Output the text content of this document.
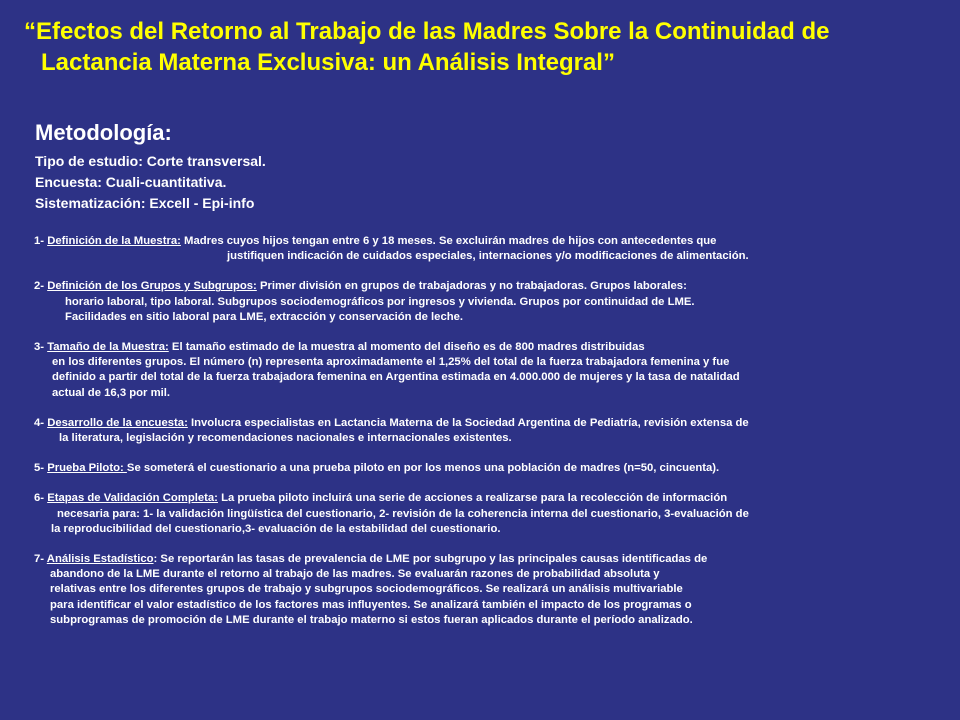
“Efectos del Retorno al Trabajo de las Madres Sobre la Continuidad de
Lactancia Materna Exclusiva: un Análisis Integral”
Metodología:
Tipo de estudio: Corte transversal.
Encuesta: Cuali-cuantitativa.
Sistematización: Excell - Epi-info
1- Definición de la Muestra: Madres cuyos hijos tengan entre 6 y 18 meses. Se excluirán madres de hijos con antecedentes que
justifiquen indicación de cuidados especiales, internaciones y/o modificaciones de alimentación.
2- Definición de los Grupos y Subgrupos: Primer división en grupos de trabajadoras y no trabajadoras. Grupos laborales:
horario laboral, tipo laboral. Subgrupos sociodemográficos por ingresos y vivienda. Grupos por continuidad de LME.
Facilidades en sitio laboral para LME, extracción y conservación de leche.
3- Tamaño de la Muestra: El tamaño estimado de la muestra al momento del diseño es de 800 madres distribuidas
en los diferentes grupos. El número (n) representa aproximadamente el 1,25% del total de la fuerza trabajadora femenina y fue
definido a partir del total de la fuerza trabajadora femenina en Argentina estimada en 4.000.000 de mujeres y la tasa de natalidad
actual de 16,3 por mil.
4- Desarrollo de la encuesta: Involucra especialistas en Lactancia Materna de la Sociedad Argentina de Pediatría, revisión extensa de
la literatura, legislación y recomendaciones nacionales e internacionales existentes.
5- Prueba Piloto: Se someterá el cuestionario a una prueba piloto en por los menos una población de madres (n=50, cincuenta).
6- Etapas de Validación Completa: La prueba piloto incluirá una serie de acciones a realizarse para la recolección de información
necesaria para: 1- la validación lingüística del cuestionario, 2- revisión de la coherencia interna del cuestionario, 3-evaluación de
la reproducibilidad del cuestionario,3- evaluación de la estabilidad del cuestionario.
7- Análisis Estadístico: Se reportarán las tasas de prevalencia de LME por subgrupo y las principales causas identificadas de
abandono de la LME durante el retorno al trabajo de las madres. Se evaluarán razones de probabilidad absoluta y
relativas entre los diferentes grupos de trabajo y subgrupos sociodemográficos. Se realizará un análisis multivariable
para identificar el valor estadístico de los factores mas influyentes. Se analizará también el impacto de los programas o
subprogramas de promoción de LME durante el trabajo materno si estos fueran aplicados durante el período analizado.
